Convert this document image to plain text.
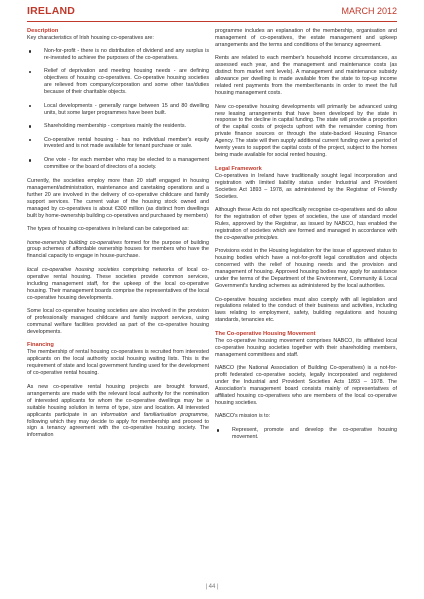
IRELAND	MARCH 2012
Description

Key characteristics of Irish housing co-operatives are:

Non-for-profit - there is no distribution of dividend and any surplus is re-invested to achieve the purposes of the co-operatives.
Relief of deprivation and meeting housing needs - are defining objectives of housing co-operatives. Co-operative housing societies are relieved from company/corporation and some other tax/duties because of their charitable objects.
Local developments - generally range between 15 and 80 dwelling units, but some larger programmes have been built.
Shareholding membership - comprises mainly the residents.
Co-operative rental housing - has no individual member's equity invested and is not made available for tenant purchase or sale.
One vote - for each member who may be elected to a management committee or the board of directors of a society.

Currently, the societies employ more than 20 staff engaged in housing management/administration, maintenance and caretaking operations and a further 20 are involved in the delivery of co-operative childcare and family support services. The current value of the housing stock owned and managed by co-operatives is about €300 million (as distinct from dwellings built by home-ownership building co-operatives and purchased by members)

The types of housing co-operatives in Ireland can be categorised as:

home-ownership building co-operatives formed for the purpose of building group schemes of affordable ownership houses for members who have the financial capacity to engage in house-purchase.

local co-operative housing societies comprising networks of local co-operative rental housing. These societies provide common services, including management staff, for the upkeep of the local co-operative housing. Their management boards comprise the representatives of the local co-operative housing developments.

Some local co-operative housing societies are also involved in the provision of professionally managed childcare and family support services, using communal welfare facilities provided as part of the co-operative housing developments.

Financing

The membership of rental housing co-operatives is recruited from interested applicants on the local authority social housing waiting lists. This is the requirement of state and local government funding used for the development of co-operative rental housing.

As new co-operative rental housing projects are brought forward, arrangements are made with the relevant local authority for the nomination of interested applicants for whom the co-operative dwellings may be a suitable housing solution in terms of type, size and location. All interested applicants participate in an information and familiarisation programme, following which they may decide to apply for membership and proceed to sign a tenancy agreement with the co-operative housing society. The information

programme includes an explanation of the membership, organisation and management of co-operatives, the estate management and upkeep arrangements and the terms and conditions of the tenancy agreement.

Rents are related to each member's household income circumstances, as assessed each year, and the management and maintenance costs (as distinct from market rent levels). A management and maintenance subsidy allowance per dwelling is made available from the state to top-up income related rent payments from the member/tenants in order to meet the full housing management costs.

New co-operative housing developments will primarily be advanced using new leasing arrangements that have been developed by the state in response to the decline in capital funding. The state will provide a proportion of the capital costs of projects upfront with the remainder coming from private finance sources or through the state-backed Housing Finance Agency. The state will then supply additional current funding over a period of twenty years to support the capital costs of the project, subject to the homes being made available for social rented housing.

Legal Framework

Co-operatives in Ireland have traditionally sought legal incorporation and registration with limited liability status under Industrial and Provident Societies Act 1893 – 1978, as administered by the Registrar of Friendly Societies.

Although these Acts do not specifically recognise co-operatives and do allow for the registration of other types of societies, the use of standard model Rules, approved by the Registrar, as issued by NABCO, has enabled the registration of societies which are formed and managed in accordance with the co-operative principles.

Provisions exist in the Housing legislation for the issue of approved status to housing bodies which have a not-for-profit legal constitution and objects concerned with the relief of housing needs and the provision and management of housing. Approved housing bodies may apply for assistance under the terms of the Department of the Environment, Community & Local Government's funding schemes as administered by the local authorities.

Co-operative housing societies must also comply with all legislation and regulations related to the conduct of their business and activities, including laws relating to employment, safety, building regulations and housing standards, tenancies etc.

The Co-operative Housing Movement

The co-operative housing movement comprises NABCO, its affiliated local co-operative housing societies together with their shareholding members, management committees and staff.

NABCO (the National Association of Building Co-operatives) is a not-for-profit federated co-operative society, legally incorporated and registered under the Industrial and Provident Societies Acts 1893 – 1978. The Association's management board consists mainly of representatives of affiliated housing co-operatives who are members of the local co-operative housing societies.

NABCO's mission is to:

Represent, promote and develop the co-operative housing movement.
| 44 |
